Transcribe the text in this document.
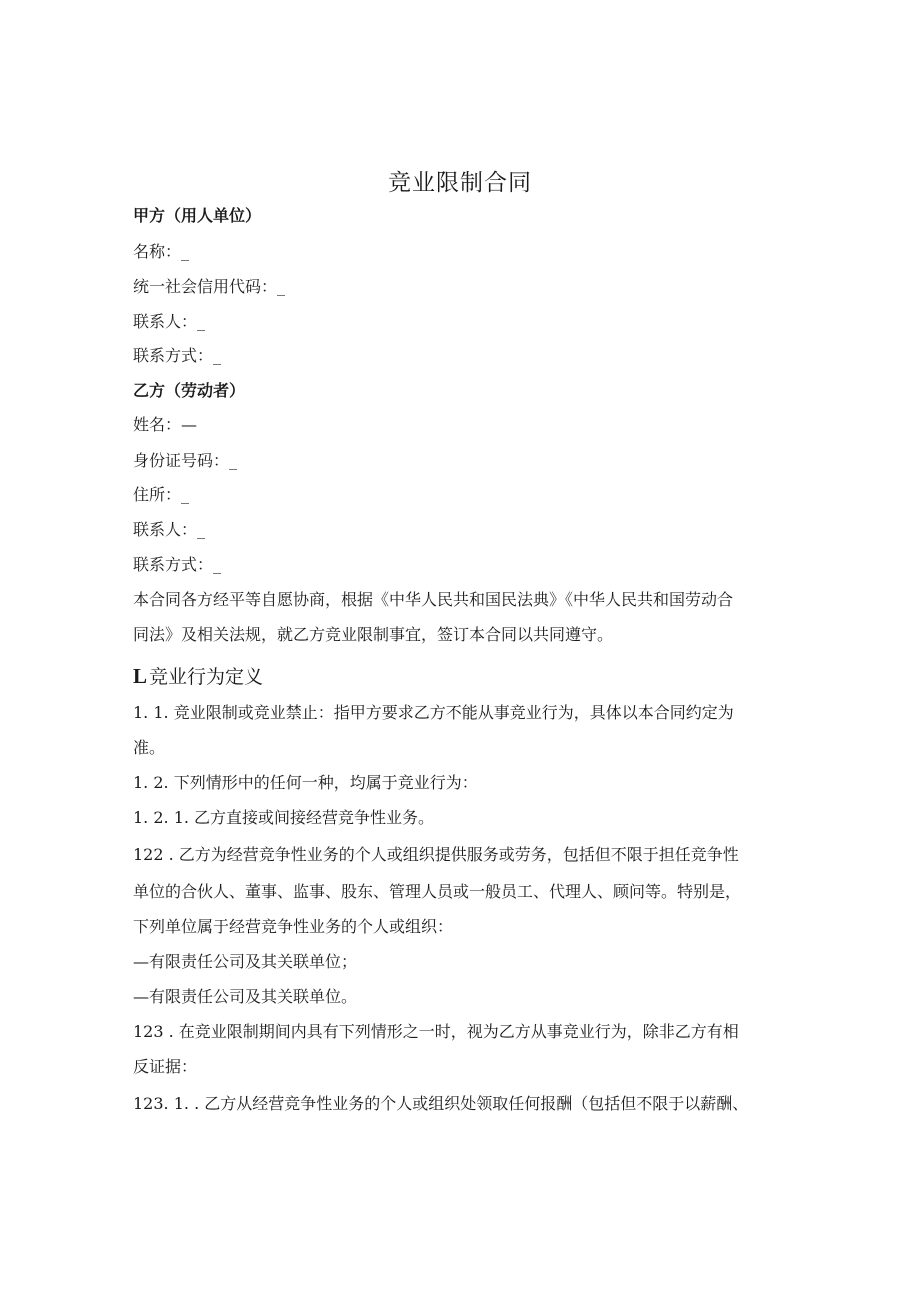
竞业限制合同
甲方（用人单位）
名称：_
统一社会信用代码：_
联系人：_
联系方式：_
乙方（劳动者）
姓名：—
身份证号码：_
住所：_
联系人：_
联系方式：_
本合同各方经平等自愿协商，根据《中华人民共和国民法典》《中华人民共和国劳动合
同法》及相关法规，就乙方竞业限制事宜，签订本合同以共同遵守。
L 竞业行为定义
1. 1. 竞业限制或竞业禁止：指甲方要求乙方不能从事竞业行为，具体以本合同约定为
准。
1. 2. 下列情形中的任何一种，均属于竞业行为：
1. 2. 1. 乙方直接或间接经营竞争性业务。
122 . 乙方为经营竞争性业务的个人或组织提供服务或劳务，包括但不限于担任竞争性
单位的合伙人、董事、监事、股东、管理人员或一般员工、代理人、顾问等。特别是，
下列单位属于经营竞争性业务的个人或组织：
—有限责任公司及其关联单位；
—有限责任公司及其关联单位。
123 . 在竞业限制期间内具有下列情形之一时，视为乙方从事竞业行为，除非乙方有相
反证据：
123. 1. . 乙方从经营竞争性业务的个人或组织处领取任何报酬（包括但不限于以薪酬、
